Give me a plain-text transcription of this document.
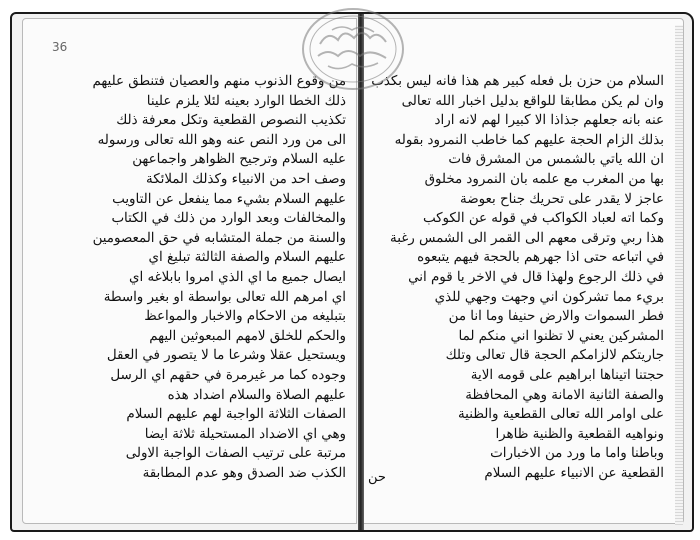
36

من وقوع الذنوب منهم والعصيان فتنطق عليهم
ذلك الخطا الوارد بعينه لئلا يلزم علينا
تكذيب النصوص القطعية وتكل معرفة ذلك
الى من ورد النص عنه وهو الله تعالى ورسوله
عليه السلام وترجيح الظواهر واجماعهن
وصف احد من الانبياء وكذلك الملائكة
عليهم السلام بشيء مما ينفعل عن التاويب
والمخالفات وبعد الوارد من ذلك في الكتاب
والسنة من جملة المتشابه في حق المعصومين
عليهم السلام والصفة الثالثة تبليغ اي
ايصال جميع ما اي الذي امروا بابلاغه اي
اي امرهم الله تعالى بواسطة او بغير واسطة
بتبليغه من الاحكام والاخبار والمواعظ
والحكم للخلق لامهم المبعوثين اليهم
ويستحيل عقلا وشرعا ما لا يتصور في العقل
وجوده كما مر غيرمرة في حقهم اي الرسل
عليهم الصلاة والسلام اضداد هذه
الصفات الثلاثة الواجبة لهم عليهم السلام
وهي اي الاضداد المستحيلة ثلاثة ايضا
مرتبة على ترتيب الصفات الواجبة الاولى
الكذب ضد الصدق وهو عدم المطابقة

السلام من حزن بل فعله كبير هم هذا فانه ليس بكذب
وان لم يكن مطابقا للواقع بدليل اخبار الله تعالى
عنه بانه جعلهم جذاذا الا كبيرا لهم لانه اراد
بذلك الزام الحجة عليهم كما خاطب النمرود بقوله
ان الله ياتي بالشمس من المشرق فات
بها من المغرب مع علمه بان النمرود مخلوق
عاجز لا يقدر على تحريك جناح بعوضة
وكما اته لعباد الكواكب في قوله عن الكوكب
هذا ربي وترقى معهم الى القمر الى الشمس رغبة
في اتباعه حتى اذا جهرهم بالحجة فيهم يتبعوه
في ذلك الرجوع ولهذا قال في الاخر يا قوم اني
بريء مما تشركون اني وجهت وجهي للذي
فطر السموات والارض حنيفا وما انا من
المشركين يعني لا تظنوا اني منكم لما
جاريتكم لالزامكم الحجة قال تعالى وتلك
حجتنا اتيناها ابراهيم على قومه الاية
والصفة الثانية الامانة وهي المحافظة
على اوامر الله تعالى القطعية والظنية
ونواهيه القطعية والظنية ظاهرا
وباطنا واما ما ورد من الاخبارات
القطعية عن الانبياء عليهم السلام

حن
